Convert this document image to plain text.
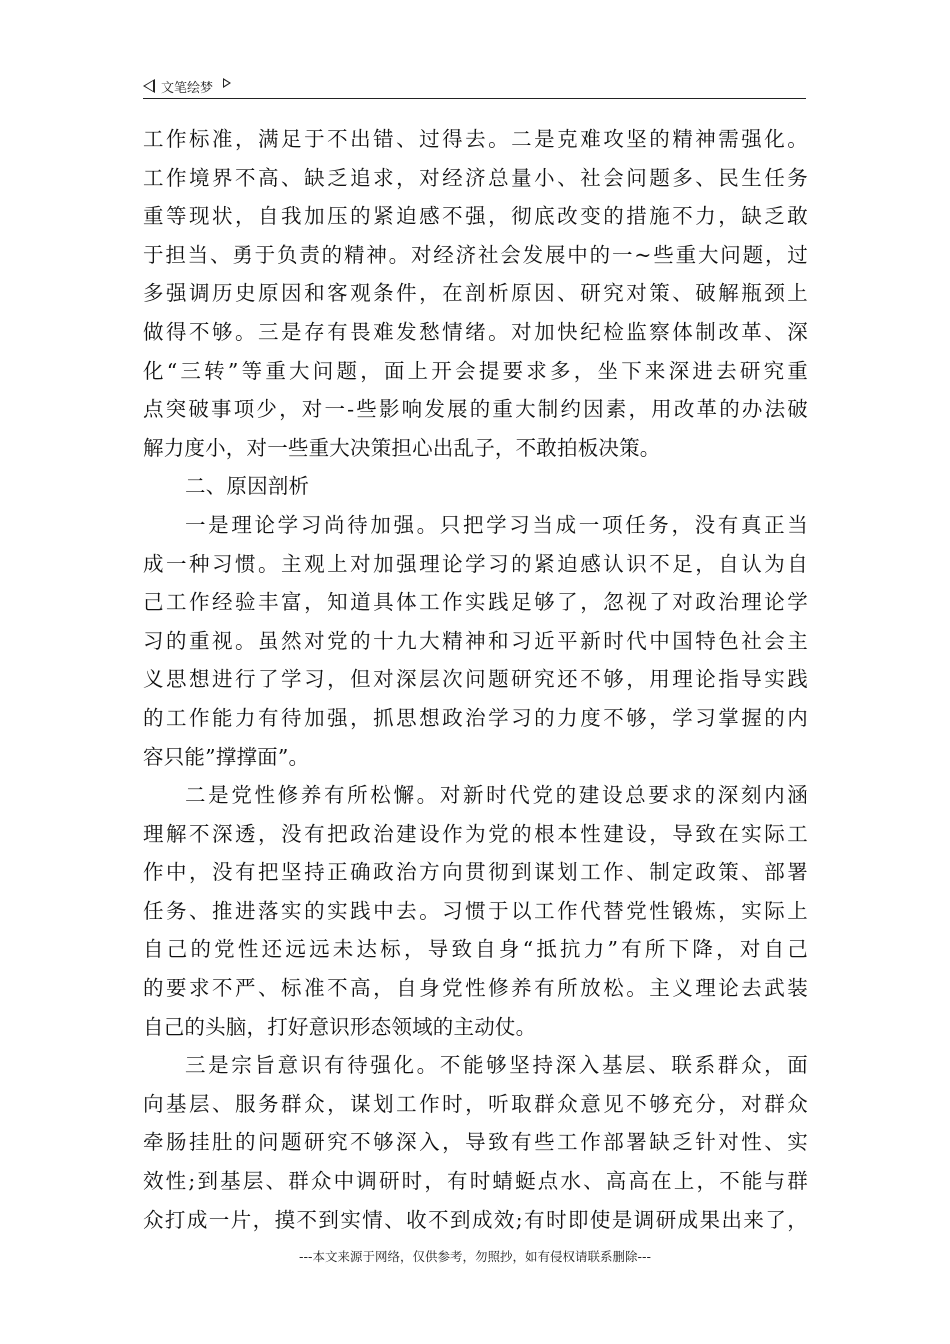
文笔绘梦
工作标准，满足于不出错、过得去。二是克难攻坚的精神需强化。
工作境界不高、缺乏追求，对经济总量小、社会问题多、民生任务
重等现状，自我加压的紧迫感不强，彻底改变的措施不力，缺乏敢
于担当、勇于负责的精神。对经济社会发展中的一~些重大问题，过
多强调历史原因和客观条件，在剖析原因、研究对策、破解瓶颈上
做得不够。三是存有畏难发愁情绪。对加快纪检监察体制改革、深
化“三转”等重大问题，面上开会提要求多，坐下来深进去研究重
点突破事项少，对一-些影响发展的重大制约因素，用改革的办法破
解力度小，对一些重大决策担心出乱子，不敢拍板决策。
二、原因剖析
一是理论学习尚待加强。只把学习当成一项任务，没有真正当
成一种习惯。主观上对加强理论学习的紧迫感认识不足，自认为自
己工作经验丰富，知道具体工作实践足够了，忽视了对政治理论学
习的重视。虽然对党的十九大精神和习近平新时代中国特色社会主
义思想进行了学习，但对深层次问题研究还不够，用理论指导实践
的工作能力有待加强，抓思想政治学习的力度不够，学习掌握的内
容只能”撑撑面”。
二是党性修养有所松懈。对新时代党的建设总要求的深刻内涵
理解不深透，没有把政治建设作为党的根本性建设，导致在实际工
作中，没有把坚持正确政治方向贯彻到谋划工作、制定政策、部署
任务、推进落实的实践中去。习惯于以工作代替党性锻炼，实际上
自己的党性还远远未达标，导致自身“抵抗力”有所下降，对自己
的要求不严、标准不高，自身党性修养有所放松。主义理论去武装
自己的头脑，打好意识形态领域的主动仗。
三是宗旨意识有待强化。不能够坚持深入基层、联系群众，面
向基层、服务群众，谋划工作时，听取群众意见不够充分，对群众
牵肠挂肚的问题研究不够深入，导致有些工作部署缺乏针对性、实
效性;到基层、群众中调研时，有时蜻蜓点水、高高在上，不能与群
众打成一片，摸不到实情、收不到成效;有时即使是调研成果出来了，
---本文来源于网络，仅供参考，勿照抄，如有侵权请联系删除---
